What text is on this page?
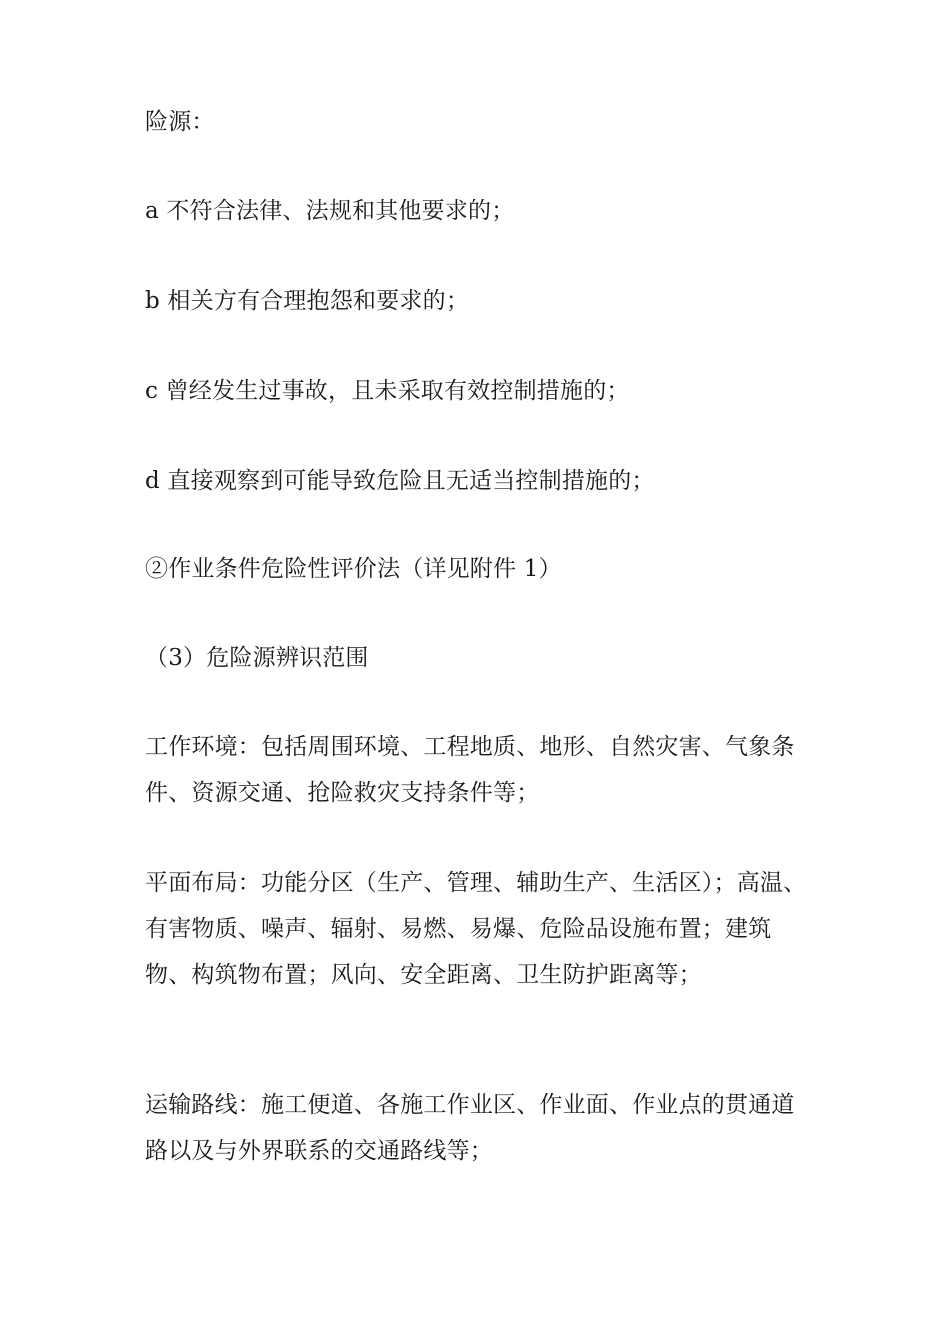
险源：

a 不符合法律、法规和其他要求的；

b 相关方有合理抱怨和要求的；

c 曾经发生过事故，且未采取有效控制措施的；

d 直接观察到可能导致危险且无适当控制措施的；

②作业条件危险性评价法（详见附件 1）

（3）危险源辨识范围

工作环境：包括周围环境、工程地质、地形、自然灾害、气象条件、资源交通、抢险救灾支持条件等；

平面布局：功能分区（生产、管理、辅助生产、生活区）；高温、有害物质、噪声、辐射、易燃、易爆、危险品设施布置；建筑物、构筑物布置；风向、安全距离、卫生防护距离等；

运输路线：施工便道、各施工作业区、作业面、作业点的贯通道路以及与外界联系的交通路线等；
